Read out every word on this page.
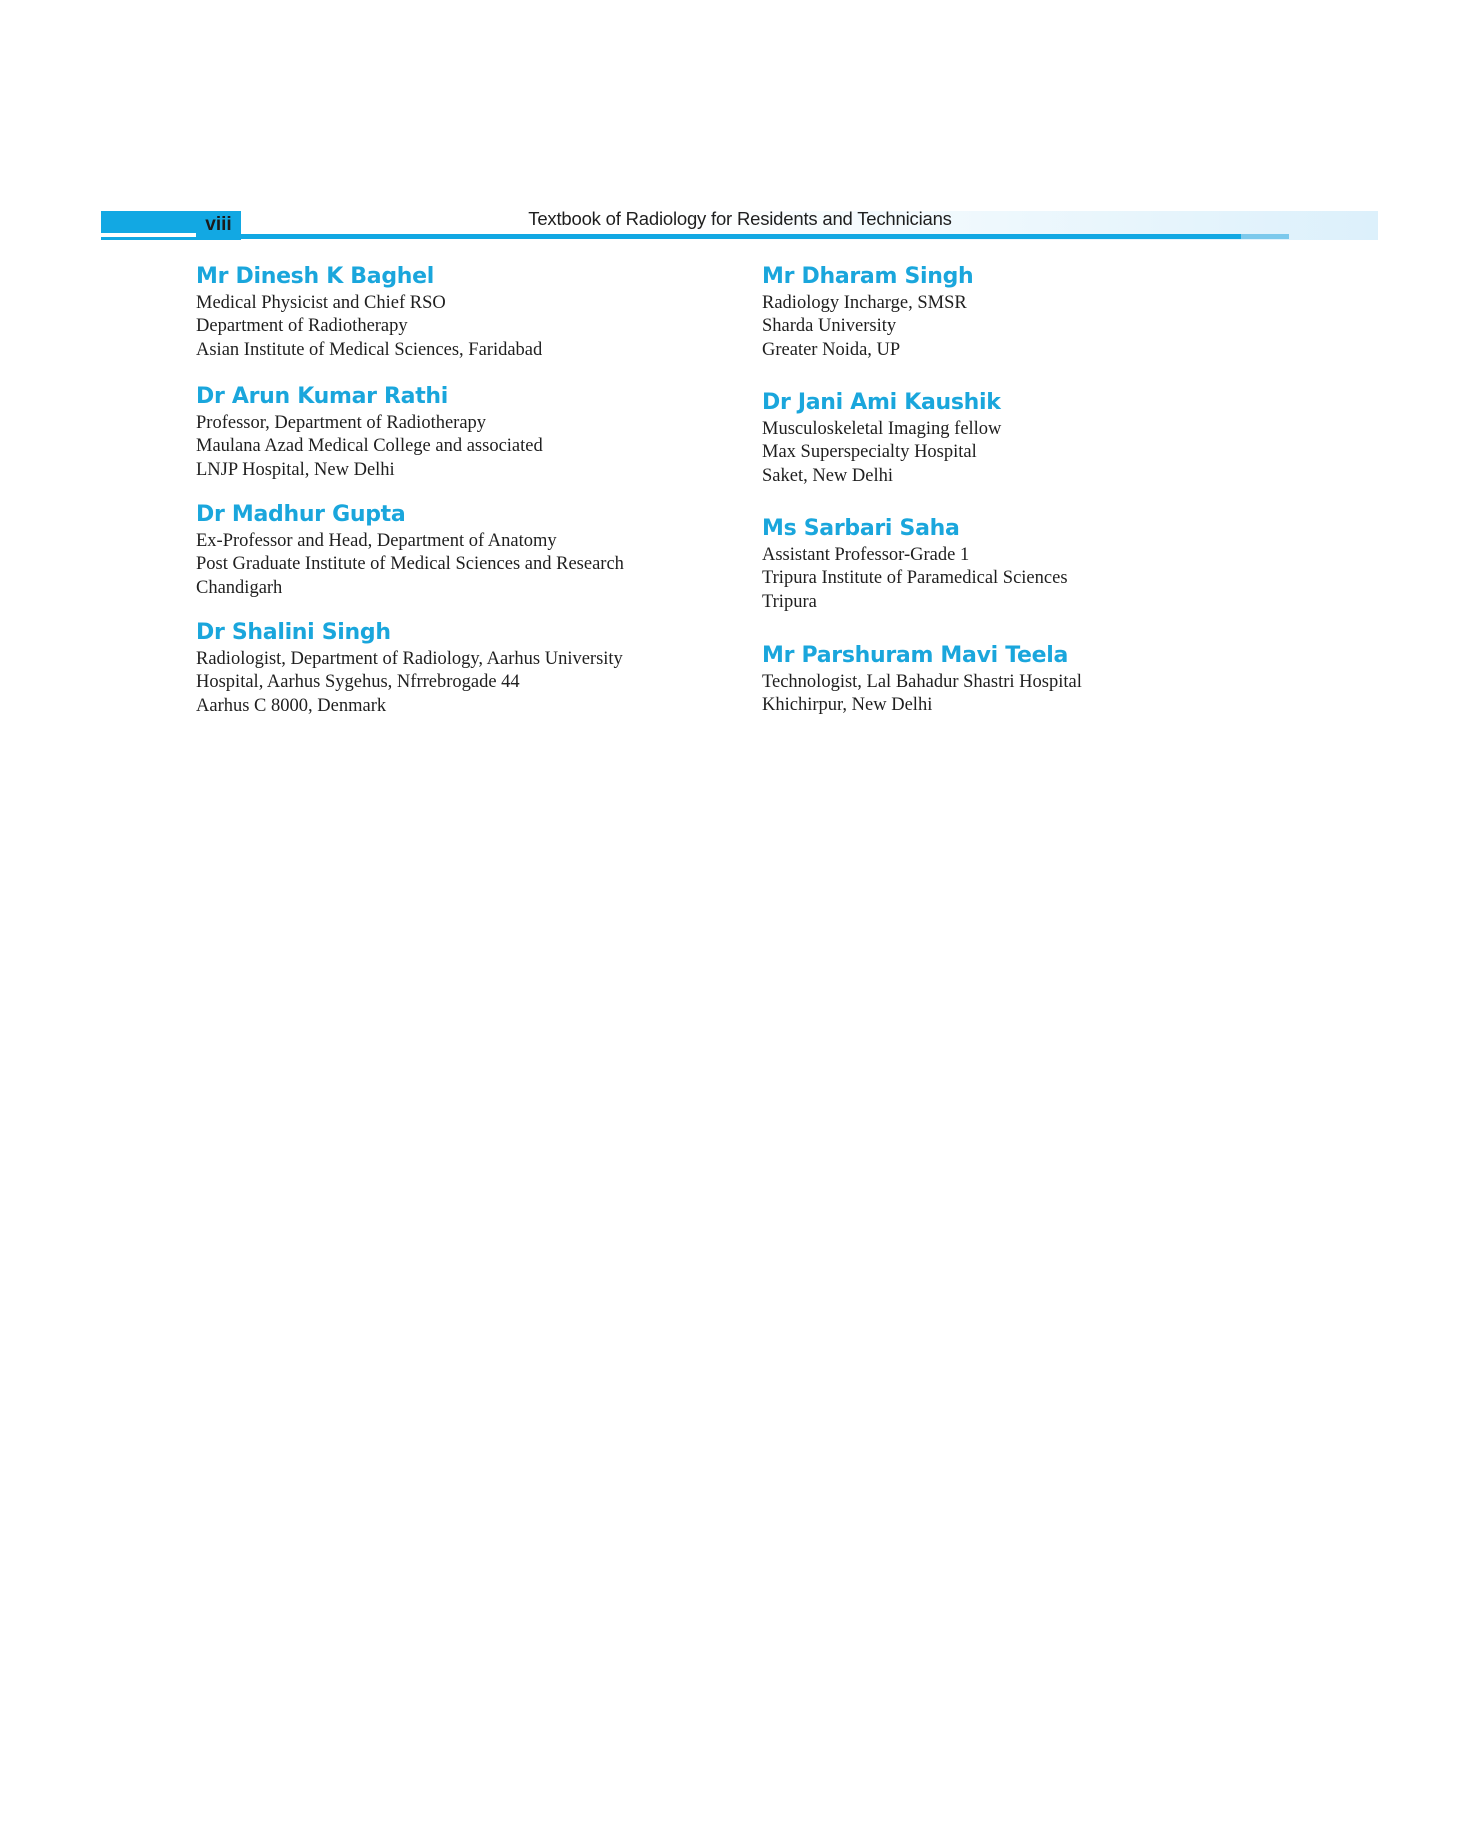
viii	Textbook of Radiology for Residents and Technicians
Mr Dinesh K Baghel
Medical Physicist and Chief RSO
Department of Radiotherapy
Asian Institute of Medical Sciences, Faridabad
Dr Arun Kumar Rathi
Professor, Department of Radiotherapy
Maulana Azad Medical College and associated
LNJP Hospital, New Delhi
Dr Madhur Gupta
Ex-Professor and Head, Department of Anatomy
Post Graduate Institute of Medical Sciences and Research
Chandigarh
Dr Shalini Singh
Radiologist, Department of Radiology, Aarhus University
Hospital, Aarhus Sygehus, Nfrrebrogade 44
Aarhus C 8000, Denmark
Mr Dharam Singh
Radiology Incharge, SMSR
Sharda University
Greater Noida, UP
Dr Jani Ami Kaushik
Musculoskeletal Imaging fellow
Max Superspecialty Hospital
Saket, New Delhi
Ms Sarbari Saha
Assistant Professor-Grade 1
Tripura Institute of Paramedical Sciences
Tripura
Mr Parshuram Mavi Teela
Technologist, Lal Bahadur Shastri Hospital
Khichirpur, New Delhi
